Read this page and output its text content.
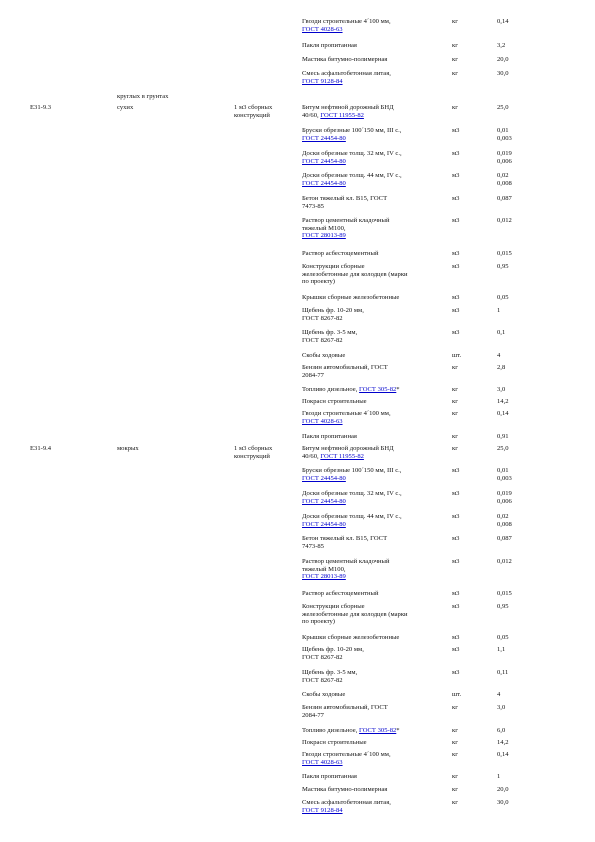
Гвозди строительные 4´100 мм,
ГОСТ 4028-63
кг	0,14
Пакля пропитанная	кг	3,2
Мастика битумно-полимерная	кг	20,0
Смесь асфальтобетонная литая,
ГОСТ 9128-84
кг	30,0
круглых в грунтах
Е31-9.3	сухих	1 м3 сборных
конструкций
Битум нефтяной дорожный БНД
40/60, ГОСТ 11955-82
кг	25,0
Бруски обрезные 100´150 мм, III с.,
ГОСТ 24454-80
м3	0,01
0,003
Доски обрезные толщ. 32 мм, IV с.,
ГОСТ 24454-80
м3	0,019
0,006
Доски обрезные толщ. 44 мм, IV с.,
ГОСТ 24454-80
м3	0,02
0,008
Бетон тяжелый кл. В15, ГОСТ
7473-85
м3	0,087
Раствор цементный кладочный
тяжелый М100,
ГОСТ 28013-89
м3	0,012
Раствор асбестоцементный	м3	0,015
Конструкции сборные
железобетонные для колодцев (марки
по проекту)
м3	0,95
Крышки сборные железобетонные	м3	0,05
Щебень фр. 10-20 мм,
ГОСТ 8267-82
м3	1
Щебень фр. 3-5 мм,
ГОСТ 8267-82
м3	0,1
Скобы ходовые	шт.	4
Бензин автомобильный, ГОСТ
2084-77
кг	2,8
Топливо дизельное, ГОСТ 305-82*	кг	3,0
Покрасн строительные	кг	14,2
Гвозди строительные 4´100 мм,
ГОСТ 4028-63
кг	0,14
Пакля пропитанная	кг	0,91
Е31-9.4	мокрых	1 м3 сборных
конструкций
Битум нефтяной дорожный БНД
40/60, ГОСТ 11955-82
кг	25,0
Бруски обрезные 100´150 мм, III с.,
ГОСТ 24454-80
м3	0,01
0,003
Доски обрезные толщ. 32 мм, IV с.,
ГОСТ 24454-80
м3	0,019
0,006
Доски обрезные толщ. 44 мм, IV с.,
ГОСТ 24454-80
м3	0,02
0,008
Бетон тяжелый кл. В15, ГОСТ
7473-85
м3	0,087
Раствор цементный кладочный
тяжелый М100,
ГОСТ 28013-89
м3	0,012
Раствор асбестоцементный	м3	0,015
Конструкции сборные
железобетонные для колодцев (марки
по проекту)
м3	0,95
Крышки сборные железобетонные	м3	0,05
Щебень фр. 10-20 мм,
ГОСТ 8267-82
м3	1,1
Щебень фр. 3-5 мм,
ГОСТ 8267-82
м3	0,11
Скобы ходовые	шт.	4
Бензин автомобильный, ГОСТ
2084-77
кг	3,0
Топливо дизельное, ГОСТ 305-82*	кг	6,0
Покрасн строительные	кг	14,2
Гвозди строительные 4´100 мм,
ГОСТ 4028-63
кг	0,14
Пакля пропитанная	кг	1
Мастика битумно-полимерная	кг	20,0
Смесь асфальтобетонная литая,
ГОСТ 9128-84
кг	30,0
